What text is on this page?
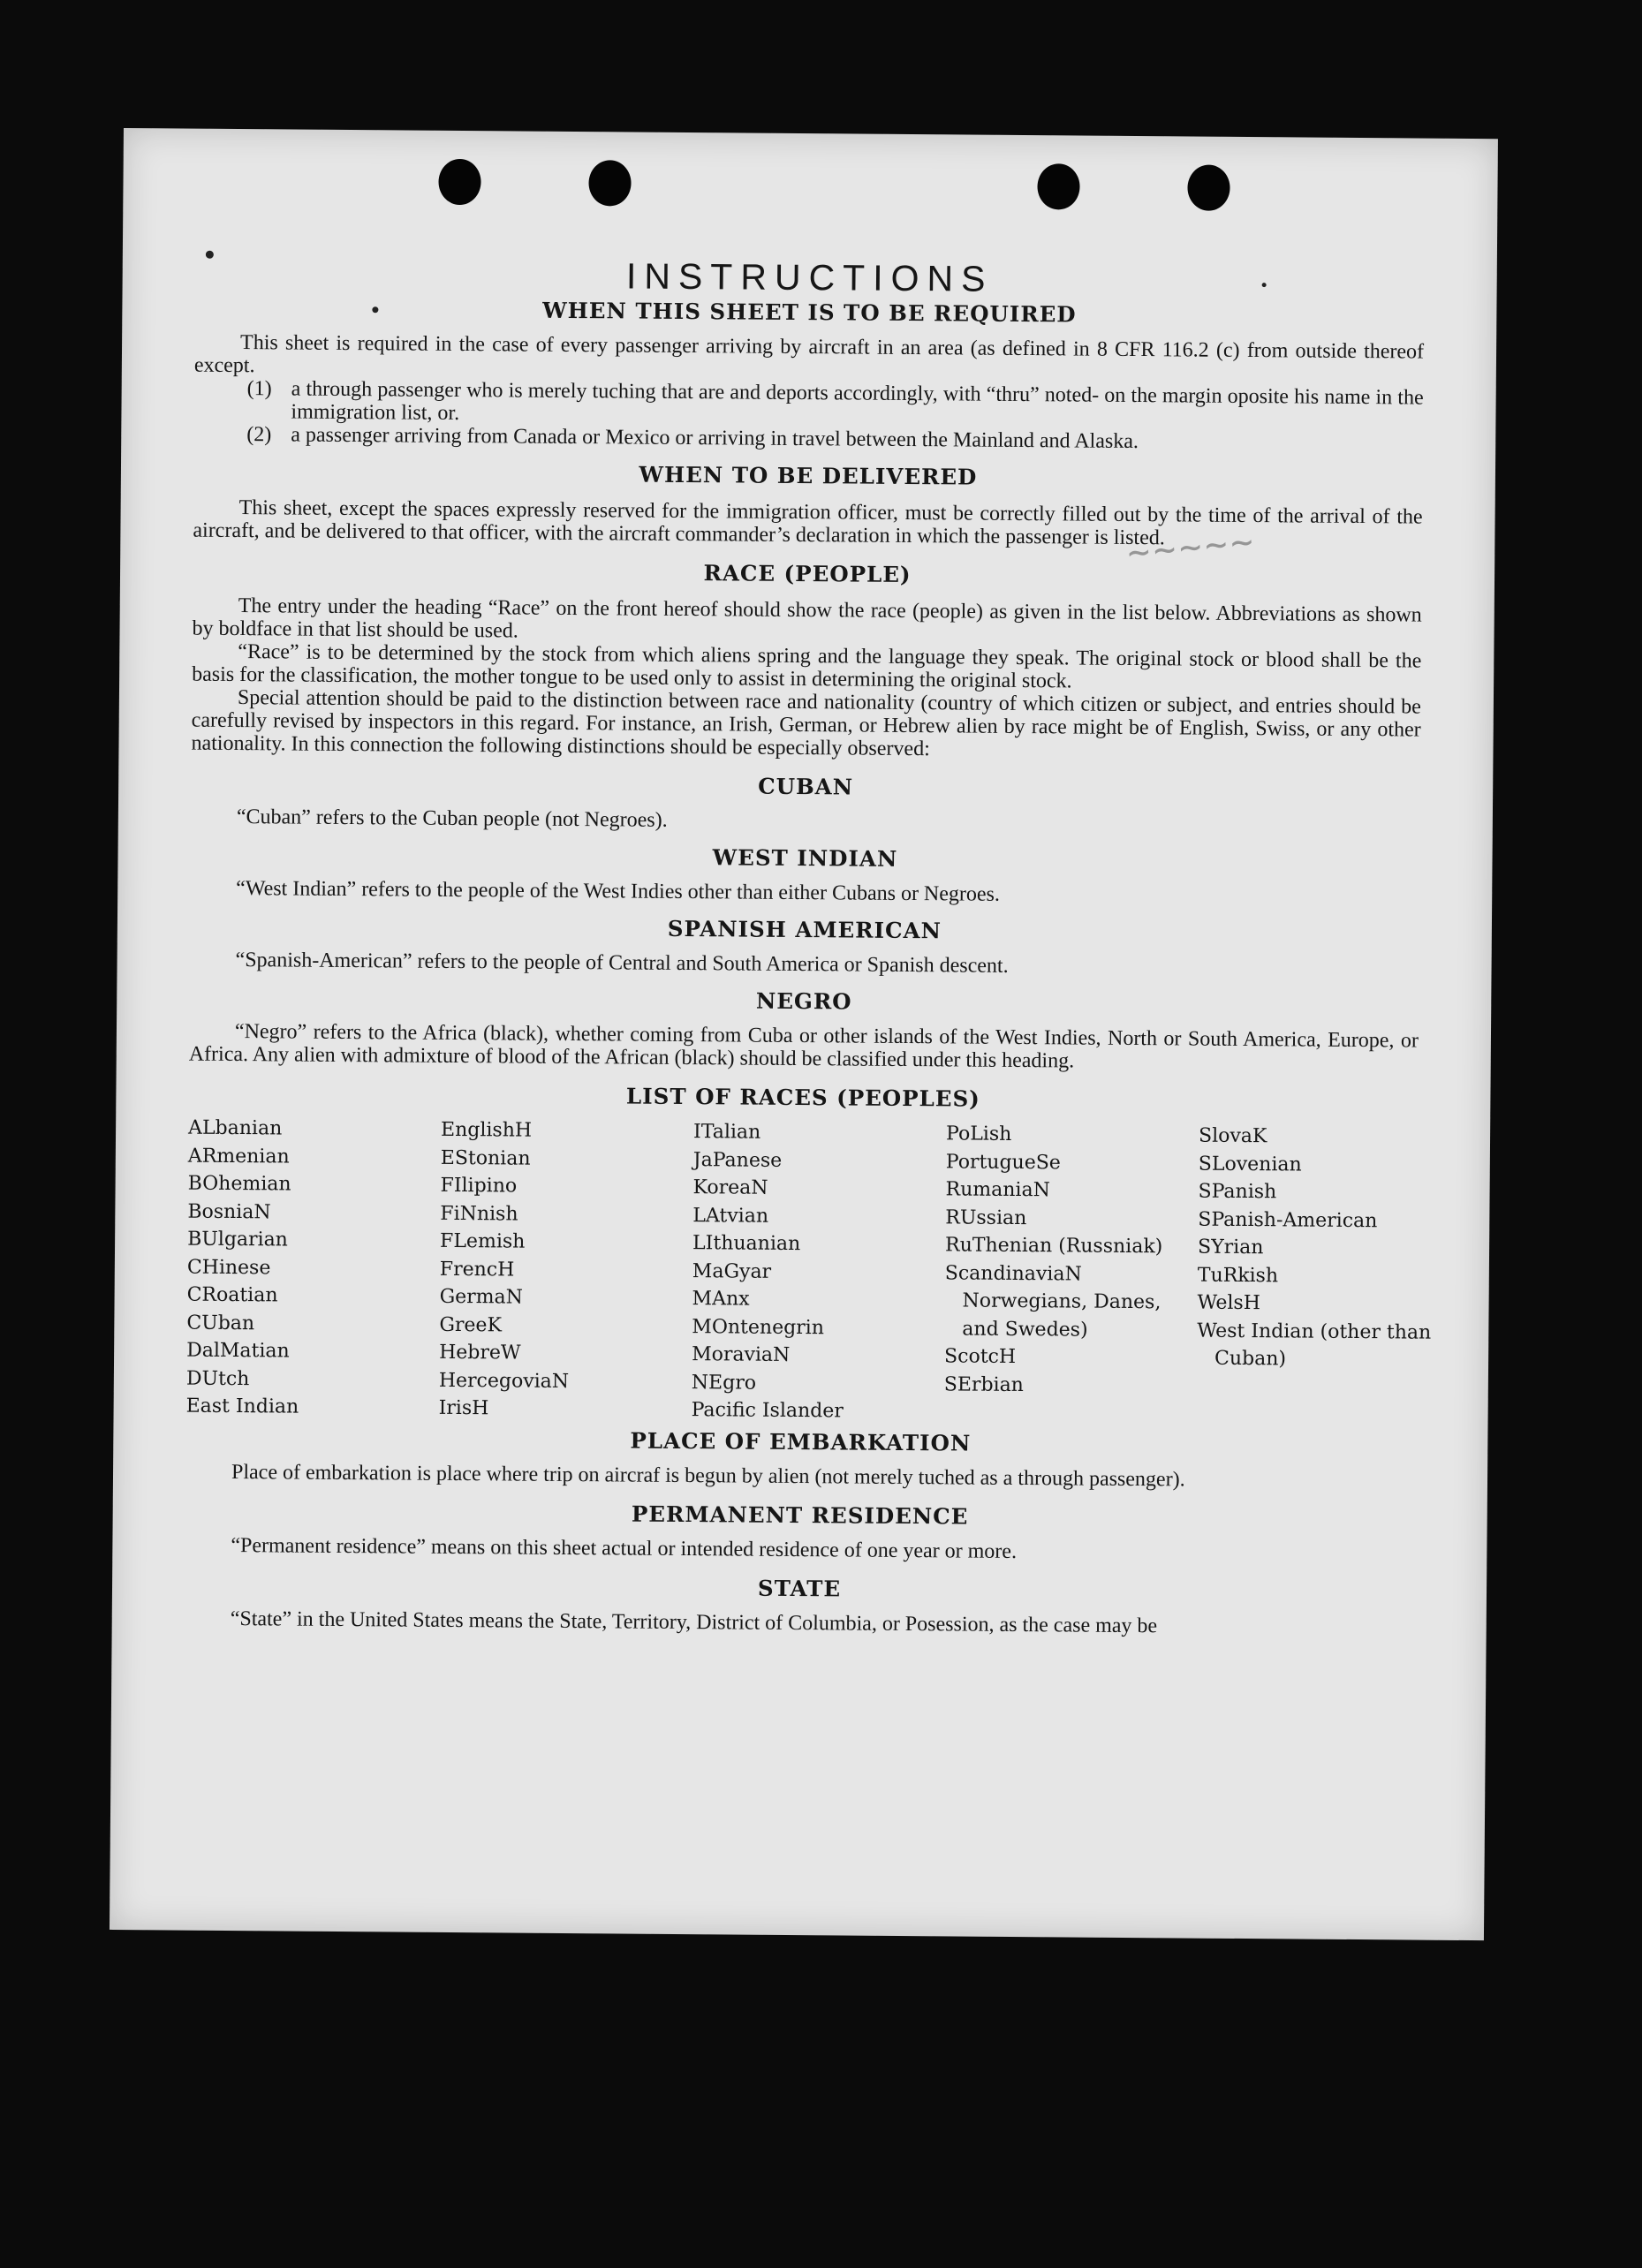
~~~~~
INSTRUCTIONS
WHEN THIS SHEET IS TO BE REQUIRED

This sheet is required in the case of every passenger arriving by aircraft in an area (as defined in 8 CFR 116.2 (c) from outside thereof except.

(1) a through passenger who is merely tuching that are and deports accordingly, with “thru” noted- on the margin oposite his name in the immigration list, or.
(2) a passenger arriving from Canada or Mexico or arriving in travel between the Mainland and Alaska.
WHEN TO BE DELIVERED

This sheet, except the spaces expressly reserved for the immigration officer, must be correctly filled out by the time of the arrival of the aircraft, and be delivered to that officer, with the aircraft commander’s declaration in which the passenger is listed.

RACE (PEOPLE)

The entry under the heading “Race” on the front hereof should show the race (people) as given in the list below. Abbreviations as shown by boldface in that list should be used.

“Race” is to be determined by the stock from which aliens spring and the language they speak. The original stock or blood shall be the basis for the classification, the mother tongue to be used only to assist in determining the original stock.

Special attention should be paid to the distinction between race and nationality (country of which citizen or subject, and entries should be carefully revised by inspectors in this regard. For instance, an Irish, German, or Hebrew alien by race might be of English, Swiss, or any other nationality. In this connection the following distinctions should be especially observed:

CUBAN

“Cuban” refers to the Cuban people (not Negroes).

WEST INDIAN

“West Indian” refers to the people of the West Indies other than either Cubans or Negroes.

SPANISH AMERICAN

“Spanish-American” refers to the people of Central and South America or Spanish descent.

NEGRO

“Negro” refers to the Africa (black), whether coming from Cuba or other islands of the West Indies, North or South America, Europe, or Africa. Any alien with admixture of blood of the African (black) should be classified under this heading.

LIST OF RACES (PEOPLES)
ALbanian
ARmenian
BOhemian
BosniaN
BUlgarian
CHinese
CRoatian
CUban
DalMatian
DUtch
East Indian
EnglishH
EStonian
FIlipino
FiNnish
FLemish
FrencH
GermaN
GreeK
HebreW
HercegoviaN
IrisH
ITalian
JaPanese
KoreaN
LAtvian
LIthuanian
MaGyar
MAnx
MOntenegrin
MoraviaN
NEgro
Pacific Islander
PoLish
PortugueSe
RumaniaN
RUssian
RuThenian (Russniak)
ScandinaviaN Norwegians, Danes, and Swedes)
ScotcH
SErbian
SlovaK
SLovenian
SPanish
SPanish-American
SYrian
TuRkish
WelsH
West Indian (other than Cuban)
PLACE OF EMBARKATION

Place of embarkation is place where trip on aircraf is begun by alien (not merely tuched as a through passenger).

PERMANENT RESIDENCE

“Permanent residence” means on this sheet actual or intended residence of one year or more.

STATE

“State” in the United States means the State, Territory, District of Columbia, or Posession, as the case may be
